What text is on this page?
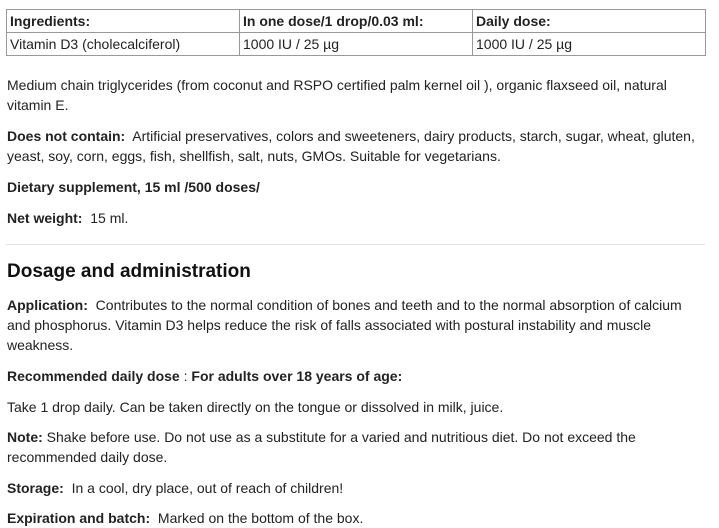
Ingredients:	In one dose/1 drop/0.03 ml:	Daily dose:
Vitamin D3 (cholecalciferol)	1000 IU / 25 µg	1000 IU / 25 µg

Medium chain triglycerides (from coconut and RSPO certified palm kernel oil ), organic flaxseed oil, natural vitamin E.

Does not contain: Artificial preservatives, colors and sweeteners, dairy products, starch, sugar, wheat, gluten, yeast, soy, corn, eggs, fish, shellfish, salt, nuts, GMOs. Suitable for vegetarians.

Dietary supplement, 15 ml /500 doses/

Net weight: 15 ml.

Dosage and administration

Application: Contributes to the normal condition of bones and teeth and to the normal absorption of calcium and phosphorus. Vitamin D3 helps reduce the risk of falls associated with postural instability and muscle weakness.

Recommended daily dose : For adults over 18 years of age:

Take 1 drop daily. Can be taken directly on the tongue or dissolved in milk, juice.

Note: Shake before use. Do not use as a substitute for a varied and nutritious diet. Do not exceed the recommended daily dose.

Storage: In a cool, dry place, out of reach of children!

Expiration and batch: Marked on the bottom of the box.
